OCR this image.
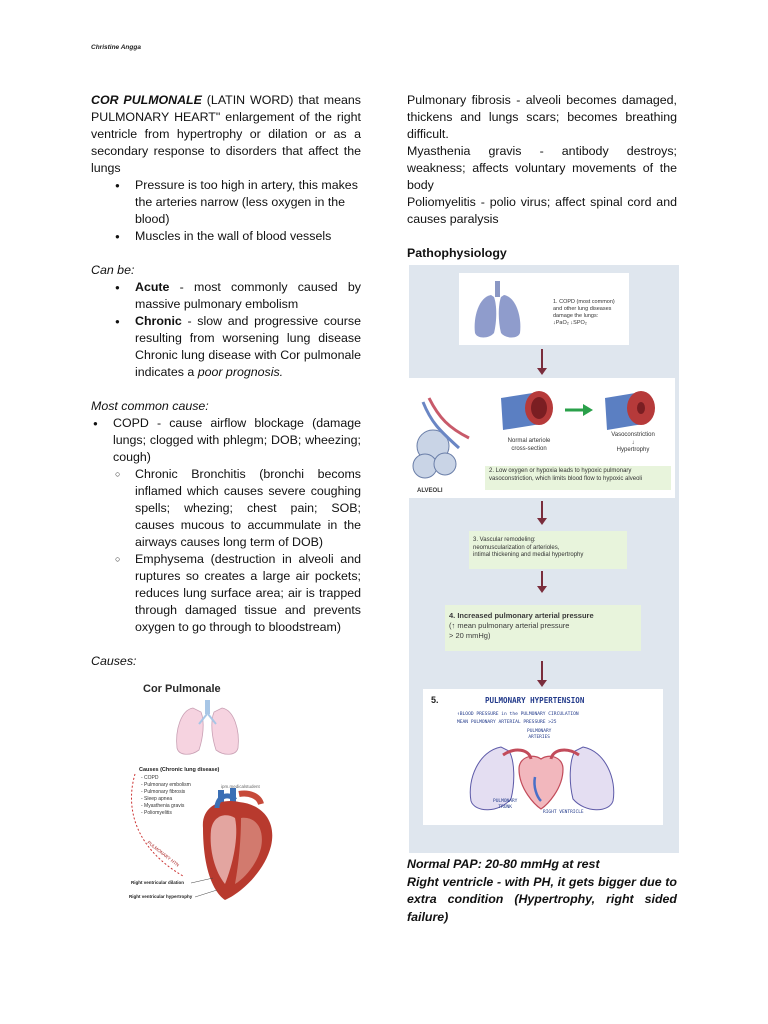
Christine Angga

COR PULMONALE (LATIN WORD) that means PULMONARY HEART" enlargement of the right ventricle from hypertrophy or dilation or as a secondary response to disorders that affect the lungs

● Pressure is too high in artery, this makes the arteries narrow (less oxygen in the blood)
● Muscles in the wall of blood vessels

Can be:

● Acute - most commonly caused by massive pulmonary embolism
● Chronic - slow and progressive course resulting from worsening lung disease Chronic lung disease with Cor pulmonale indicates a poor prognosis.

Most common cause:

● COPD - cause airflow blockage (damage lungs; clogged with phlegm; DOB; wheezing; cough)
○ Chronic Bronchitis (bronchi becoms inflamed which causes severe coughing spells; whezing; chest pain; SOB; causes mucous to accummulate in the airways causes long term of DOB)
○ Emphysema (destruction in alveoli and ruptures so creates a large air pockets; reduces lung surface area; air is trapped through damaged tissue and prevents oxygen to go through to bloodstream)

Causes:

Cor Pulmonale
Causes (Chronic lung disease)
- COPD
- Pulmonary embolism
- Pulmonary fibrosis
- Sleep apnea
- Myasthenia gravis
- Poliomyelitis
ipm.medicalstudent
PULMONARY HTN
Right ventricular dilation
Right ventricular hypertrophy

Pulmonary fibrosis - alveoli becomes damaged, thickens and lungs scars; becomes breathing difficult.

Myasthenia gravis - antibody destroys; weakness; affects voluntary movements of the body

Poliomyelitis - polio virus; affect spinal cord and causes paralysis

Pathophysiology

1. COPD (most common)
and other lung diseases
damage the lungs:
↓PaO₂ ↓SPO₂
Normal arteriole
cross-section
Vasoconstriction
↓
Hypertrophy
ALVEOLI
2. Low oxygen or hypoxia leads to hypoxic pulmonary vasoconstriction, which limits blood flow to hypoxic alveoli
3. Vascular remodeling:
neomuscularization of arterioles,
intimal thickening and medial hypertrophy
4. Increased pulmonary arterial pressure
(↑ mean pulmonary arterial pressure
> 20 mmHg)
5.	PULMONARY HYPERTENSION
↑BLOOD PRESSURE in the PULMONARY CIRCULATION
MEAN PULMONARY ARTERIAL PRESSURE >25
PULMONARY
ARTERIES
PULMONARY
TRUNK
RIGHT VENTRICLE
Normal PAP: 20-80 mmHg at rest
Right ventricle - with PH, it gets bigger due to extra condition (Hypertrophy, right sided failure)
